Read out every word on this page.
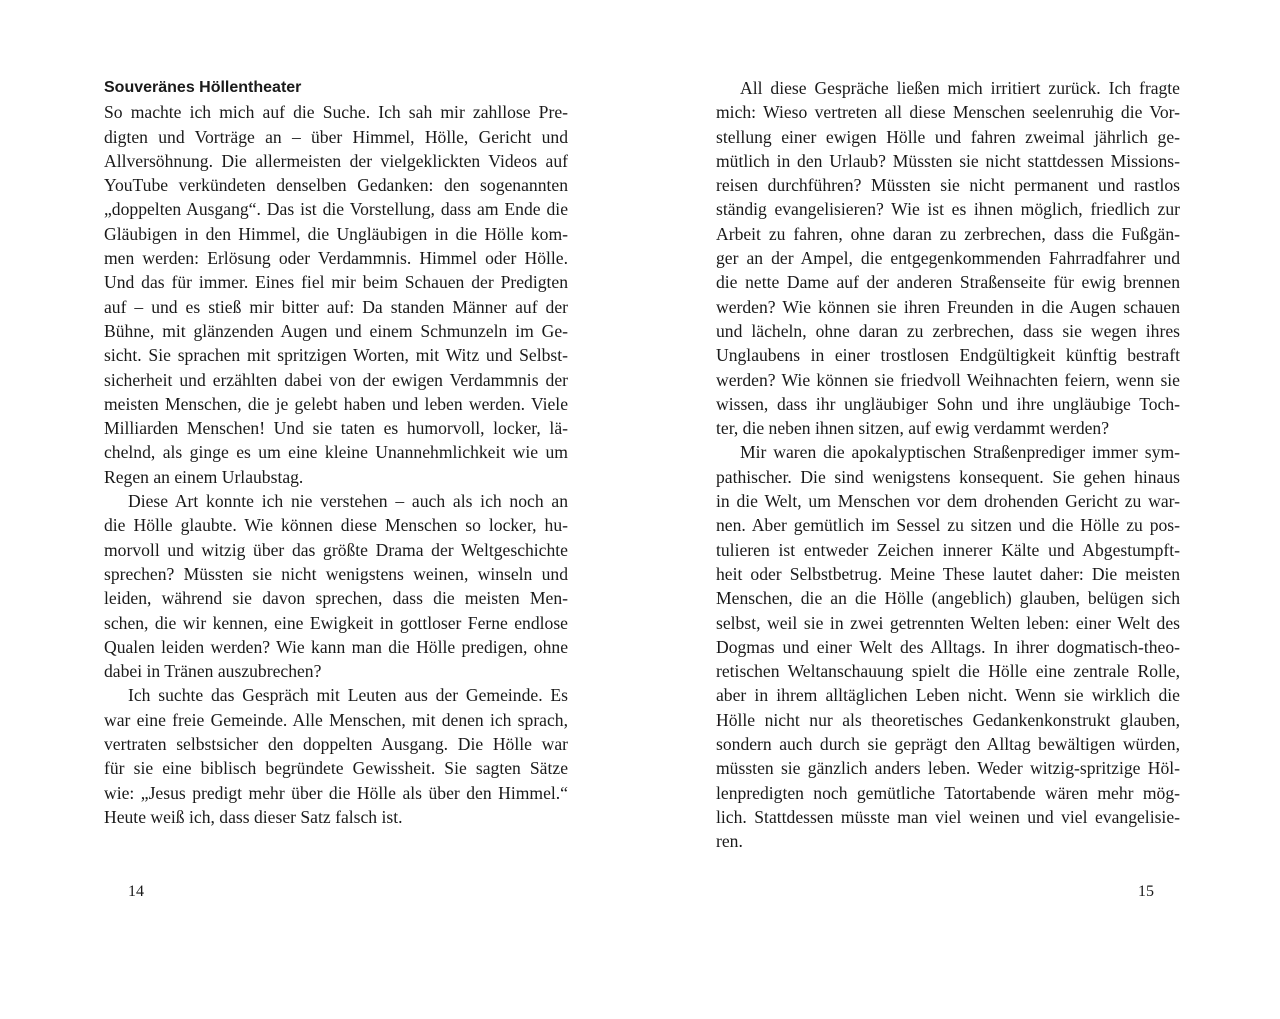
Souveränes Höllentheater
So machte ich mich auf die Suche. Ich sah mir zahllose Pre-
digten und Vorträge an – über Himmel, Hölle, Gericht und
Allversöhnung. Die allermeisten der vielgeklickten Videos auf
YouTube verkündeten denselben Gedanken: den sogenannten
„doppelten Ausgang“. Das ist die Vorstellung, dass am Ende die
Gläubigen in den Himmel, die Ungläubigen in die Hölle kom-
men werden: Erlösung oder Verdammnis. Himmel oder Hölle.
Und das für immer. Eines fiel mir beim Schauen der Predigten
auf – und es stieß mir bitter auf: Da standen Männer auf der
Bühne, mit glänzenden Augen und einem Schmunzeln im Ge-
sicht. Sie sprachen mit spritzigen Worten, mit Witz und Selbst-
sicherheit und erzählten dabei von der ewigen Verdammnis der
meisten Menschen, die je gelebt haben und leben werden. Viele
Milliarden Menschen! Und sie taten es humorvoll, locker, lä-
chelnd, als ginge es um eine kleine Unannehmlichkeit wie um
Regen an einem Urlaubstag.
Diese Art konnte ich nie verstehen – auch als ich noch an
die Hölle glaubte. Wie können diese Menschen so locker, hu-
morvoll und witzig über das größte Drama der Weltgeschichte
sprechen? Müssten sie nicht wenigstens weinen, winseln und
leiden, während sie davon sprechen, dass die meisten Men-
schen, die wir kennen, eine Ewigkeit in gottloser Ferne endlose
Qualen leiden werden? Wie kann man die Hölle predigen, ohne
dabei in Tränen auszubrechen?
Ich suchte das Gespräch mit Leuten aus der Gemeinde. Es
war eine freie Gemeinde. Alle Menschen, mit denen ich sprach,
vertraten selbstsicher den doppelten Ausgang. Die Hölle war
für sie eine biblisch begründete Gewissheit. Sie sagten Sätze
wie: „Jesus predigt mehr über die Hölle als über den Himmel.“
Heute weiß ich, dass dieser Satz falsch ist.
All diese Gespräche ließen mich irritiert zurück. Ich fragte
mich: Wieso vertreten all diese Menschen seelenruhig die Vor-
stellung einer ewigen Hölle und fahren zweimal jährlich ge-
mütlich in den Urlaub? Müssten sie nicht stattdessen Missions-
reisen durchführen? Müssten sie nicht permanent und rastlos
ständig evangelisieren? Wie ist es ihnen möglich, friedlich zur
Arbeit zu fahren, ohne daran zu zerbrechen, dass die Fußgän-
ger an der Ampel, die entgegenkommenden Fahrradfahrer und
die nette Dame auf der anderen Straßenseite für ewig brennen
werden? Wie können sie ihren Freunden in die Augen schauen
und lächeln, ohne daran zu zerbrechen, dass sie wegen ihres
Unglaubens in einer trostlosen Endgültigkeit künftig bestraft
werden? Wie können sie friedvoll Weihnachten feiern, wenn sie
wissen, dass ihr ungläubiger Sohn und ihre ungläubige Toch-
ter, die neben ihnen sitzen, auf ewig verdammt werden?
Mir waren die apokalyptischen Straßenprediger immer sym-
pathischer. Die sind wenigstens konsequent. Sie gehen hinaus
in die Welt, um Menschen vor dem drohenden Gericht zu war-
nen. Aber gemütlich im Sessel zu sitzen und die Hölle zu pos-
tulieren ist entweder Zeichen innerer Kälte und Abgestumpft-
heit oder Selbstbetrug. Meine These lautet daher: Die meisten
Menschen, die an die Hölle (angeblich) glauben, belügen sich
selbst, weil sie in zwei getrennten Welten leben: einer Welt des
Dogmas und einer Welt des Alltags. In ihrer dogmatisch-theo-
retischen Weltanschauung spielt die Hölle eine zentrale Rolle,
aber in ihrem alltäglichen Leben nicht. Wenn sie wirklich die
Hölle nicht nur als theoretisches Gedankenkonstrukt glauben,
sondern auch durch sie geprägt den Alltag bewältigen würden,
müssten sie gänzlich anders leben. Weder witzig-spritzige Höl-
lenpredigten noch gemütliche Tatortabende wären mehr mög-
lich. Stattdessen müsste man viel weinen und viel evangelisie-
ren.
14	15
